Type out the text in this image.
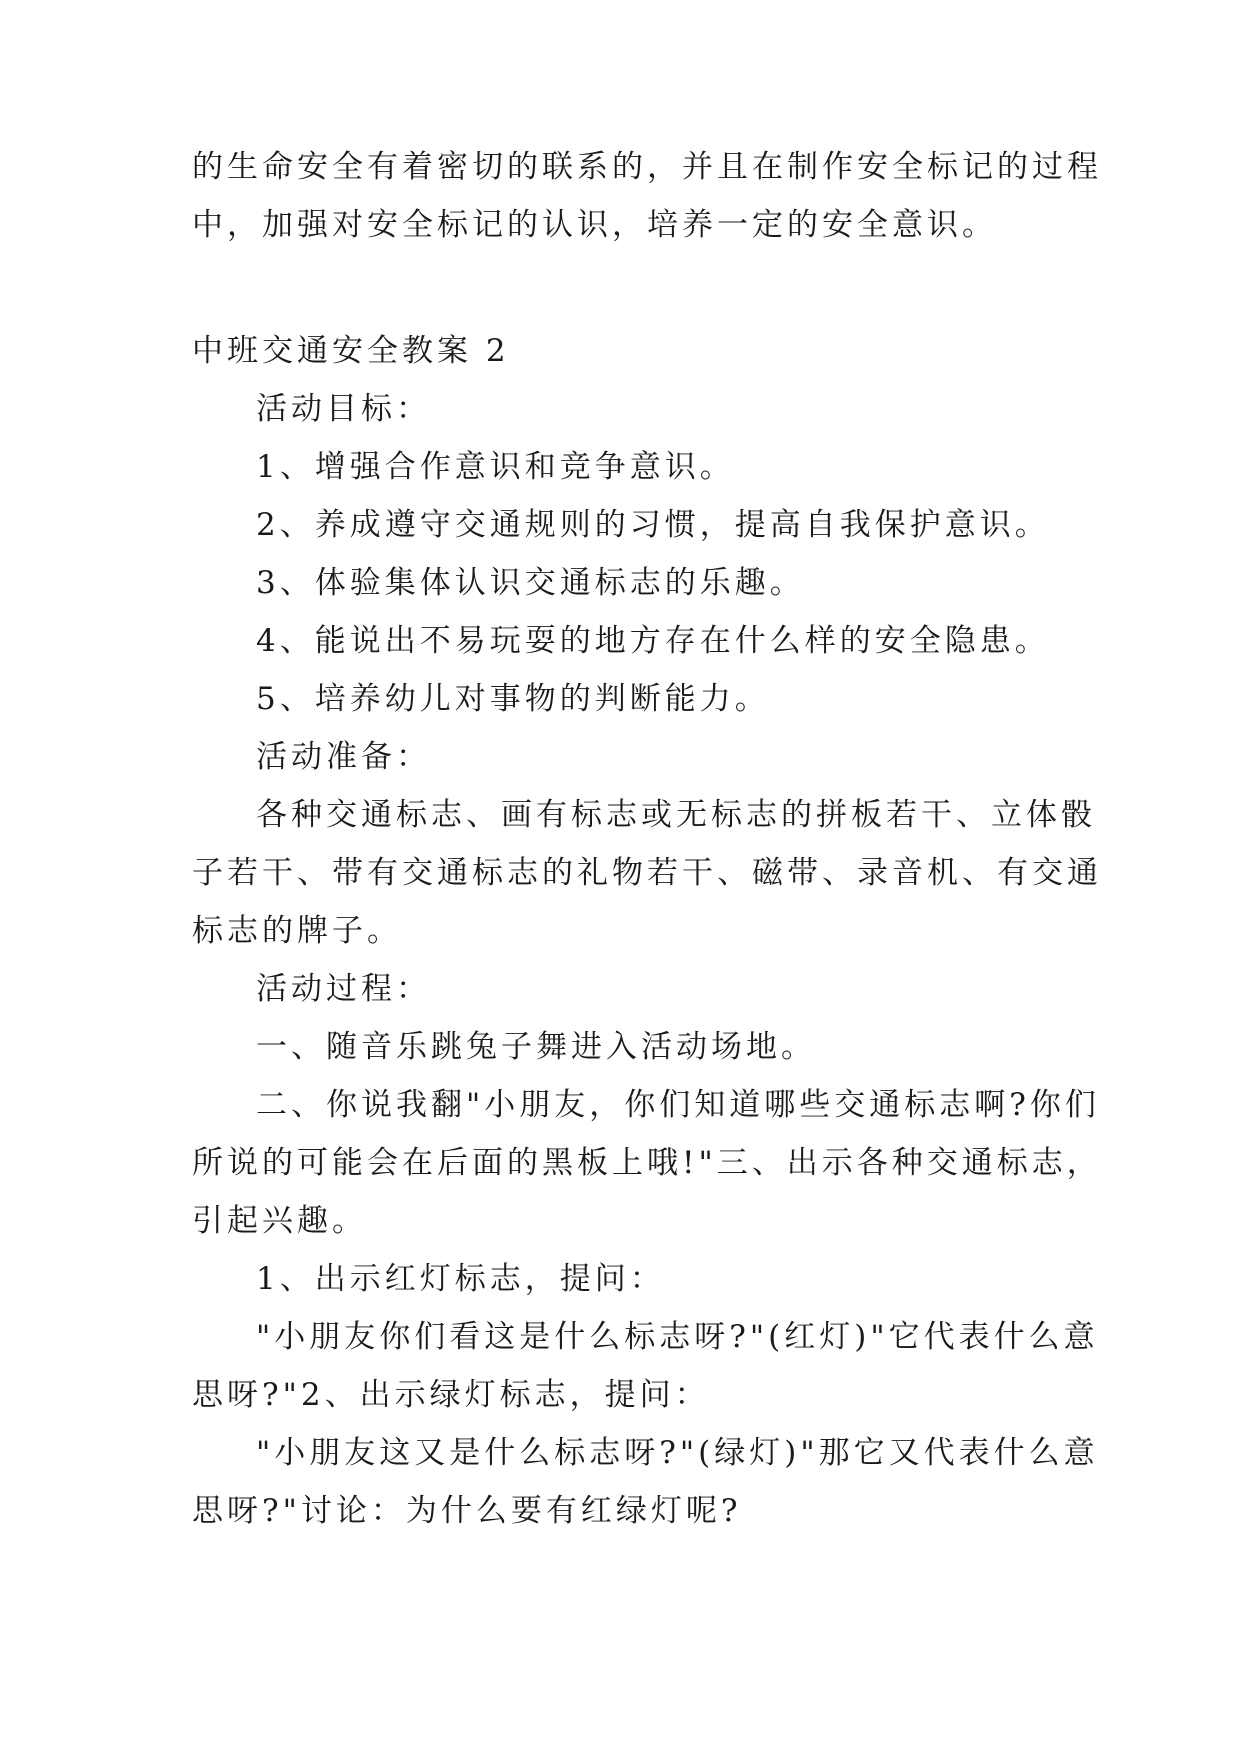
的生命安全有着密切的联系的，并且在制作安全标记的过程
中，加强对安全标记的认识，培养一定的安全意识。
中班交通安全教案 2
活动目标：
1、增强合作意识和竞争意识。
2、养成遵守交通规则的习惯，提高自我保护意识。
3、体验集体认识交通标志的乐趣。
4、能说出不易玩耍的地方存在什么样的安全隐患。
5、培养幼儿对事物的判断能力。
活动准备：
各种交通标志、画有标志或无标志的拼板若干、立体骰
子若干、带有交通标志的礼物若干、磁带、录音机、有交通
标志的牌子。
活动过程：
一、随音乐跳兔子舞进入活动场地。
二、你说我翻"小朋友，你们知道哪些交通标志啊?你们
所说的可能会在后面的黑板上哦!"三、出示各种交通标志，
引起兴趣。
1、出示红灯标志，提问：
"小朋友你们看这是什么标志呀?"(红灯)"它代表什么意
思呀?"2、出示绿灯标志，提问：
"小朋友这又是什么标志呀?"(绿灯)"那它又代表什么意
思呀?"讨论：为什么要有红绿灯呢?
